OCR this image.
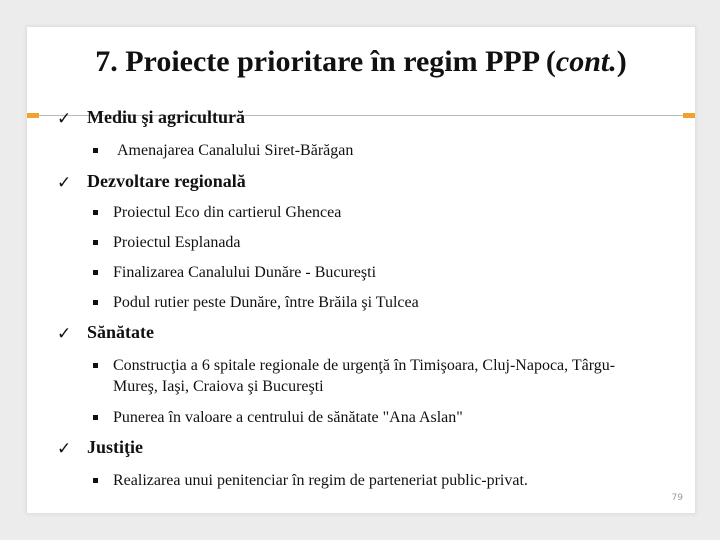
7. Proiecte prioritare în regim PPP (cont.)
✓ Mediu şi agricultură
Amenajarea Canalului Siret-Bărăgan
✓ Dezvoltare regională
Proiectul Eco din cartierul Ghencea
Proiectul Esplanada
Finalizarea Canalului Dunăre - Bucureşti
Podul rutier peste Dunăre, între Brăila şi Tulcea
✓ Sănătate
Construcţia a 6 spitale regionale de urgenţă în Timişoara, Cluj-Napoca, Târgu-Mureş, Iaşi, Craiova şi Bucureşti
Punerea în valoare a centrului de sănătate "Ana Aslan"
✓ Justiţie
Realizarea unui penitenciar în regim de parteneriat public-privat.
79
